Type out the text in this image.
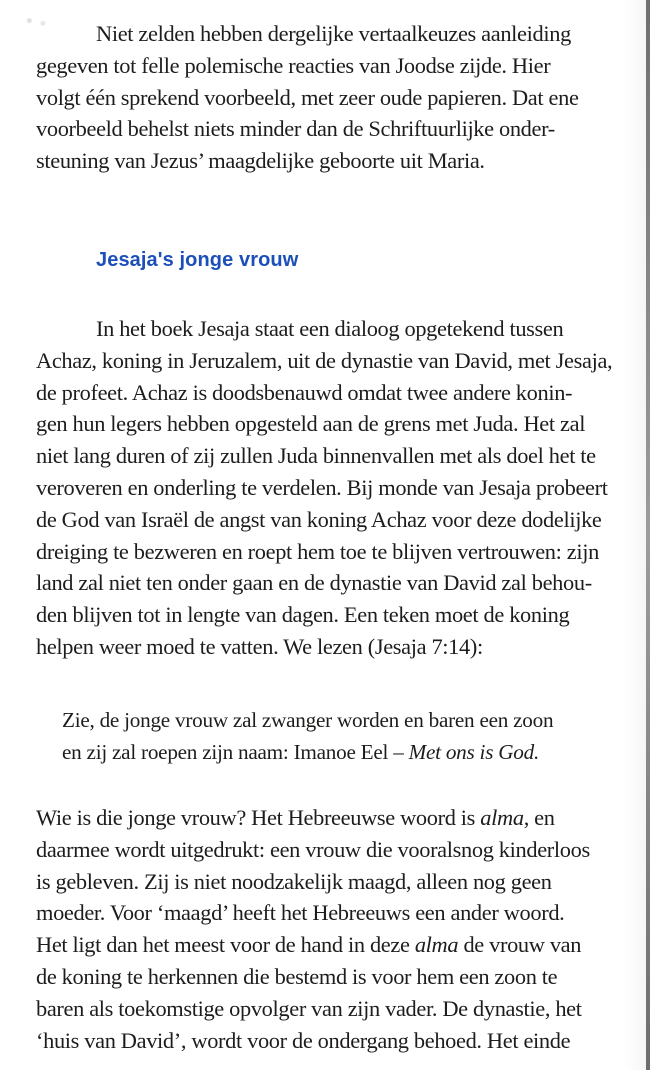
Niet zelden hebben dergelijke vertaalkeuzes aanleiding
gegeven tot felle polemische reacties van Joodse zijde. Hier
volgt één sprekend voorbeeld, met zeer oude papieren. Dat ene
voorbeeld behelst niets minder dan de Schriftuurlijke onder-
steuning van Jezus’ maagdelijke geboorte uit Maria.

Jesaja's jonge vrouw

In het boek Jesaja staat een dialoog opgetekend tussen
Achaz, koning in Jeruzalem, uit de dynastie van David, met Jesaja,
de profeet. Achaz is doodsbenauwd omdat twee andere konin-
gen hun legers hebben opgesteld aan de grens met Juda. Het zal
niet lang duren of zij zullen Juda binnenvallen met als doel het te
veroveren en onderling te verdelen. Bij monde van Jesaja probeert
de God van Israël de angst van koning Achaz voor deze dodelijke
dreiging te bezweren en roept hem toe te blijven vertrouwen: zijn
land zal niet ten onder gaan en de dynastie van David zal behou-
den blijven tot in lengte van dagen. Een teken moet de koning
helpen weer moed te vatten. We lezen (Jesaja 7:14):

Zie, de jonge vrouw zal zwanger worden en baren een zoon
en zij zal roepen zijn naam: Imanoe Eel – Met ons is God.

Wie is die jonge vrouw? Het Hebreeuwse woord is alma, en
daarmee wordt uitgedrukt: een vrouw die vooralsnog kinderloos
is gebleven. Zij is niet noodzakelijk maagd, alleen nog geen
moeder. Voor ‘maagd’ heeft het Hebreeuws een ander woord.
Het ligt dan het meest voor de hand in deze alma de vrouw van
de koning te herkennen die bestemd is voor hem een zoon te
baren als toekomstige opvolger van zijn vader. De dynastie, het
‘huis van David’, wordt voor de ondergang behoed. Het einde
